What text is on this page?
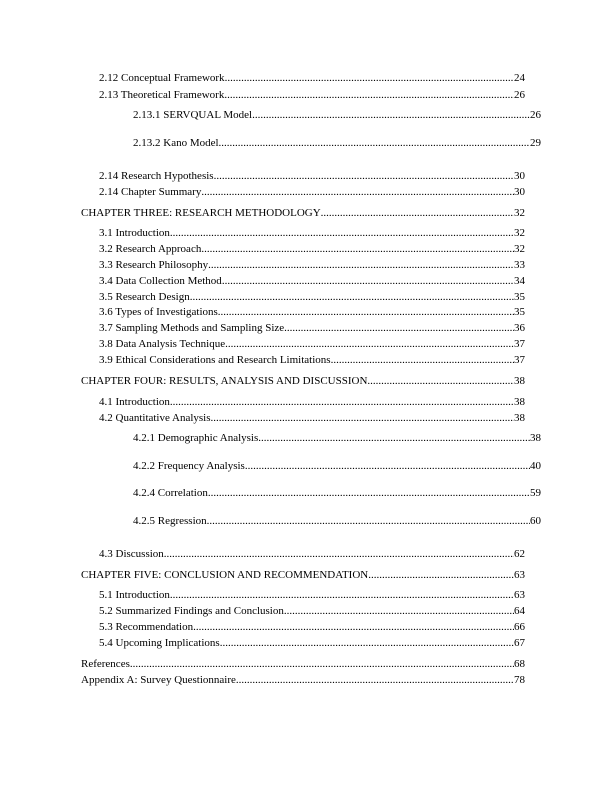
2.12 Conceptual Framework .....	24
2.13 Theoretical Framework .....	26
2.13.1 SERVQUAL Model .....	26
2.13.2 Kano Model .....	29
2.14 Research Hypothesis .....	30
2.14 Chapter Summary .....	30
CHAPTER THREE: RESEARCH METHODOLOGY .....	32
3.1 Introduction .....	32
3.2 Research Approach .....	32
3.3 Research Philosophy .....	33
3.4 Data Collection Method .....	34
3.5 Research Design .....	35
3.6 Types of Investigations .....	35
3.7 Sampling Methods and Sampling Size .....	36
3.8 Data Analysis Technique .....	37
3.9 Ethical Considerations and Research Limitations .....	37
CHAPTER FOUR: RESULTS, ANALYSIS AND DISCUSSION .....	38
4.1 Introduction .....	38
4.2 Quantitative Analysis .....	38
4.2.1 Demographic Analysis .....	38
4.2.2 Frequency Analysis .....	40
4.2.4 Correlation .....	59
4.2.5 Regression .....	60
4.3 Discussion .....	62
CHAPTER FIVE: CONCLUSION AND RECOMMENDATION .....	63
5.1 Introduction .....	63
5.2 Summarized Findings and Conclusion .....	64
5.3 Recommendation .....	66
5.4 Upcoming Implications .....	67
References .....	68
Appendix A: Survey Questionnaire .....	78
